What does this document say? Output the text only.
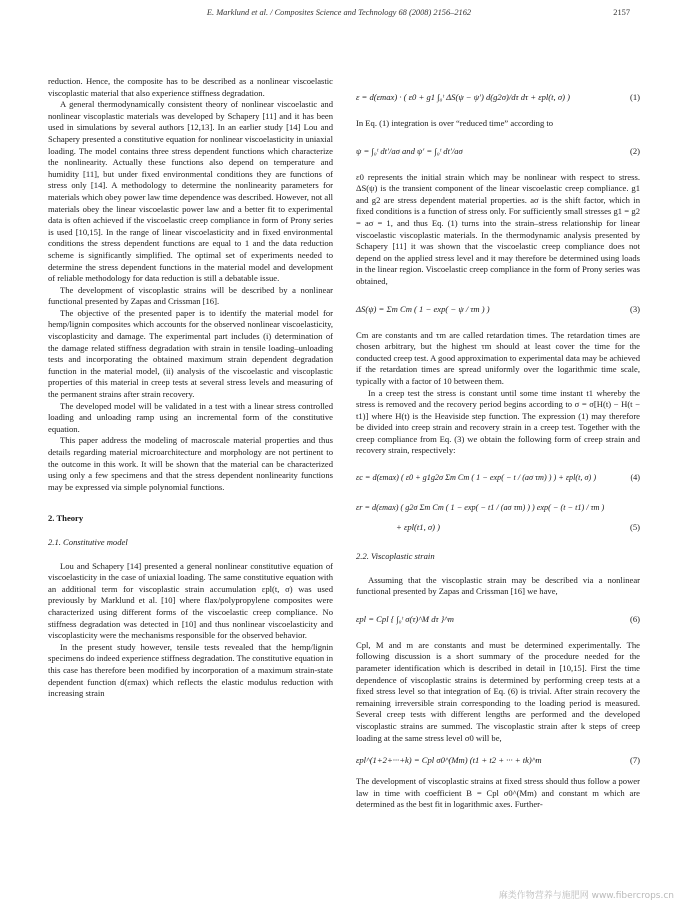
E. Marklund et al. / Composites Science and Technology 68 (2008) 2156–2162	2157

reduction. Hence, the composite has to be described as a nonlinear viscoelastic viscoplastic material that also experience stiffness degradation.

A general thermodynamically consistent theory of nonlinear viscoelastic and nonlinear viscoplastic materials was developed by Schapery [11] and it has been used in simulations by several authors [12,13]. In an earlier study [14] Lou and Schapery presented a constitutive equation for nonlinear viscoelasticity in uniaxial loading. The model contains three stress dependent functions which characterize the nonlinearity. Actually these functions also depend on temperature and humidity [11], but under fixed environmental conditions they are functions of stress only [14]. A methodology to determine the nonlinearity parameters for materials which obey power law time dependence was described. However, not all materials obey the linear viscoelastic power law and a better fit to experimental data is often achieved if the viscoelastic creep compliance in form of Prony series is used [10,15]. In the range of linear viscoelasticity and in fixed environmental conditions the stress dependent functions are equal to 1 and the data reduction scheme is significantly simplified. The optimal set of experiments needed to determine the stress dependent functions in the material model and development of reliable methodology for data reduction is still a debatable issue.

The development of viscoplastic strains will be described by a nonlinear functional presented by Zapas and Crissman [16].

The objective of the presented paper is to identify the material model for hemp/lignin composites which accounts for the observed nonlinear viscoelasticity, viscoplasticity and damage. The experimental part includes (i) determination of the damage related stiffness degradation with strain in tensile loading–unloading tests and incorporating the obtained maximum strain dependent degradation function in the material model, (ii) analysis of the viscoelastic and viscoplastic properties of this material in creep tests at several stress levels and measuring of the permanent strains after strain recovery.

The developed model will be validated in a test with a linear stress controlled loading and unloading ramp using an incremental form of the constitutive equation.

This paper address the modeling of macroscale material properties and thus details regarding material microarchitecture and morphology are not pertinent to the outcome in this work. It will be shown that the material can be characterized using only a few specimens and that the stress dependent nonlinearity functions may be expressed via simple polynomial functions.

2. Theory
2.1. Constitutive model

Lou and Schapery [14] presented a general nonlinear constitutive equation of viscoelasticity in the case of uniaxial loading. The same constitutive equation with an additional term for viscoplastic strain accumulation εpl(t, σ) was used previously by Marklund et al. [10] where flax/polypropylene composites were characterized using different forms of the viscoelastic creep compliance. No stiffness degradation was detected in [10] and thus nonlinear viscoelasticity and viscoplasticity were the mechanisms responsible for the observed behavior.

In the present study however, tensile tests revealed that the hemp/lignin specimens do indeed experience stiffness degradation. The constitutive equation in this case has therefore been modified by incorporation of a maximum strain-state dependent function d(εmax) which reflects the elastic modulus reduction with increasing strain

ε = d(εmax) · ( ε0 + g1 ∫₀ᵗ ΔS(ψ − ψ′) d(g2σ)/dτ dτ + εpl(t, σ) )	(1)

In Eq. (1) integration is over “reduced time” according to

ψ = ∫₀ᵗ dt′/aσ and ψ′ = ∫₀ᵗ dt′/aσ	(2)

ε0 represents the initial strain which may be nonlinear with respect to stress. ΔS(ψ) is the transient component of the linear viscoelastic creep compliance. g1 and g2 are stress dependent material properties. aσ is the shift factor, which in fixed conditions is a function of stress only. For sufficiently small stresses g1 = g2 = aσ = 1, and thus Eq. (1) turns into the strain–stress relationship for linear viscoelastic viscoplastic materials. In the thermodynamic analysis presented by Schapery [11] it was shown that the viscoelastic creep compliance does not depend on the applied stress level and it may therefore be determined using loads in the linear region. Viscoelastic creep compliance in the form of Prony series was obtained,

ΔS(ψ) = Σm Cm ( 1 − exp( − ψ / τm ) )	(3)

Cm are constants and τm are called retardation times. The retardation times are chosen arbitrary, but the highest τm should at least cover the time for the conducted creep test. A good approximation to experimental data may be achieved if the retardation times are spread uniformly over the logarithmic time scale, typically with a factor of 10 between them.

In a creep test the stress is constant until some time instant t1 whereby the stress is removed and the recovery period begins according to σ = σ[H(t) − H(t − t1)] where H(t) is the Heaviside step function. The expression (1) may therefore be divided into creep strain and recovery strain in a creep test. Together with the creep compliance from Eq. (3) we obtain the following form of creep strain and recovery strain, respectively:

εc = d(εmax) ( ε0 + g1g2σ Σm Cm ( 1 − exp( − t / (aσ τm) ) ) + εpl(t, σ) )	(4)
εr = d(εmax) ( g2σ Σm Cm ( 1 − exp( − t1 / (aσ τm) ) ) exp( − (t − t1) / τm )
+ εpl(t1, σ) )	(5)
2.2. Viscoplastic strain

Assuming that the viscoplastic strain may be described via a nonlinear functional presented by Zapas and Crissman [16] we have,

εpl = Cpl { ∫₀ᵗ σ(τ)^M dτ }^m	(6)

Cpl, M and m are constants and must be determined experimentally. The following discussion is a short summary of the procedure needed for the parameter identification which is described in detail in [10,15]. First the time dependence of viscoplastic strains is determined by performing creep tests at a fixed stress level so that integration of Eq. (6) is trivial. After strain recovery the remaining irreversible strain corresponding to the loading period is measured. Several creep tests with different lengths are performed and the developed viscoplastic strains are summed. The viscoplastic strain after k steps of creep loading at the same stress level σ0 will be,

εpl^(1+2+···+k) = Cpl σ0^(Mm) (t1 + t2 + ··· + tk)^m	(7)

The development of viscoplastic strains at fixed stress should thus follow a power law in time with coefficient B = Cpl σ0^(Mm) and constant m which are determined as the best fit in logarithmic axes. Further-

麻类作物营养与施肥网 www.fibercrops.cn
